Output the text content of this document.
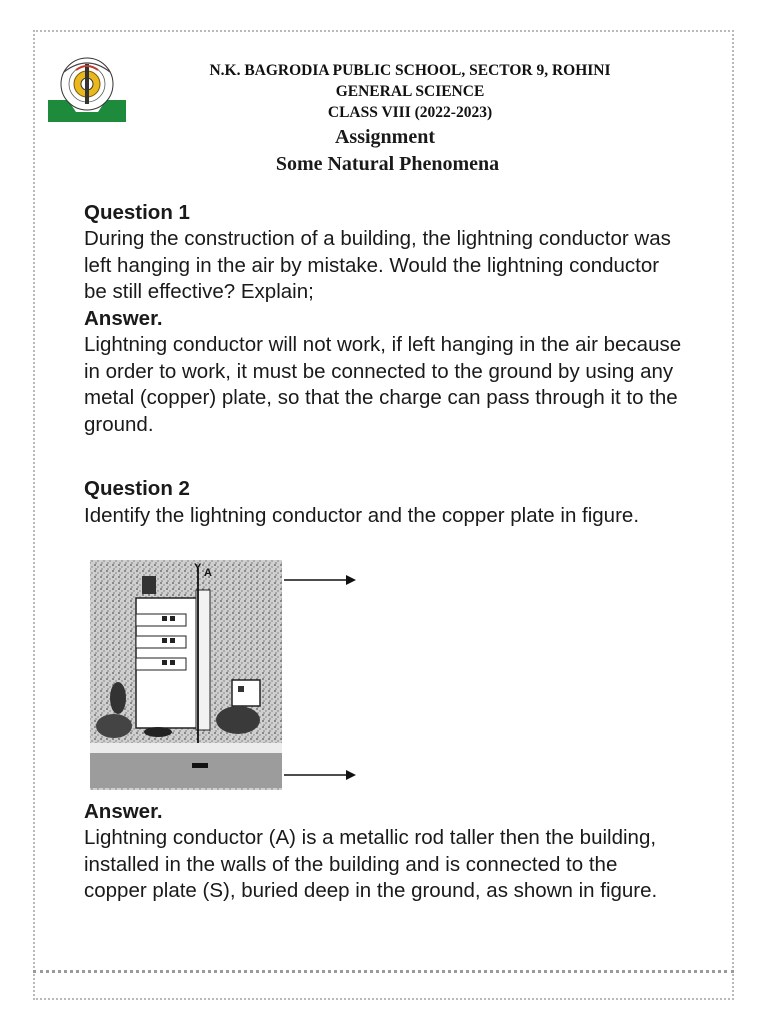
N.K. BAGRODIA PUBLIC SCHOOL, SECTOR 9, ROHINI
GENERAL SCIENCE
CLASS VIII (2022-2023)
Assignment
Some Natural Phenomena
Question 1
During the construction of a building, the lightning conductor was left hanging in the air by mistake. Would the lightning conductor be still effective? Explain;
Answer.
Lightning conductor will not work, if left hanging in the air because in order to work, it must be connected to the ground by using any metal (copper) plate, so that the charge can pass through it to the ground.
Question 2
Identify the lightning conductor and the copper plate in figure.
Y A
Answer.
Lightning conductor (A) is a metallic rod taller then the building, installed in the walls of the building and is connected to the copper plate (S), buried deep in the ground, as shown in figure.
